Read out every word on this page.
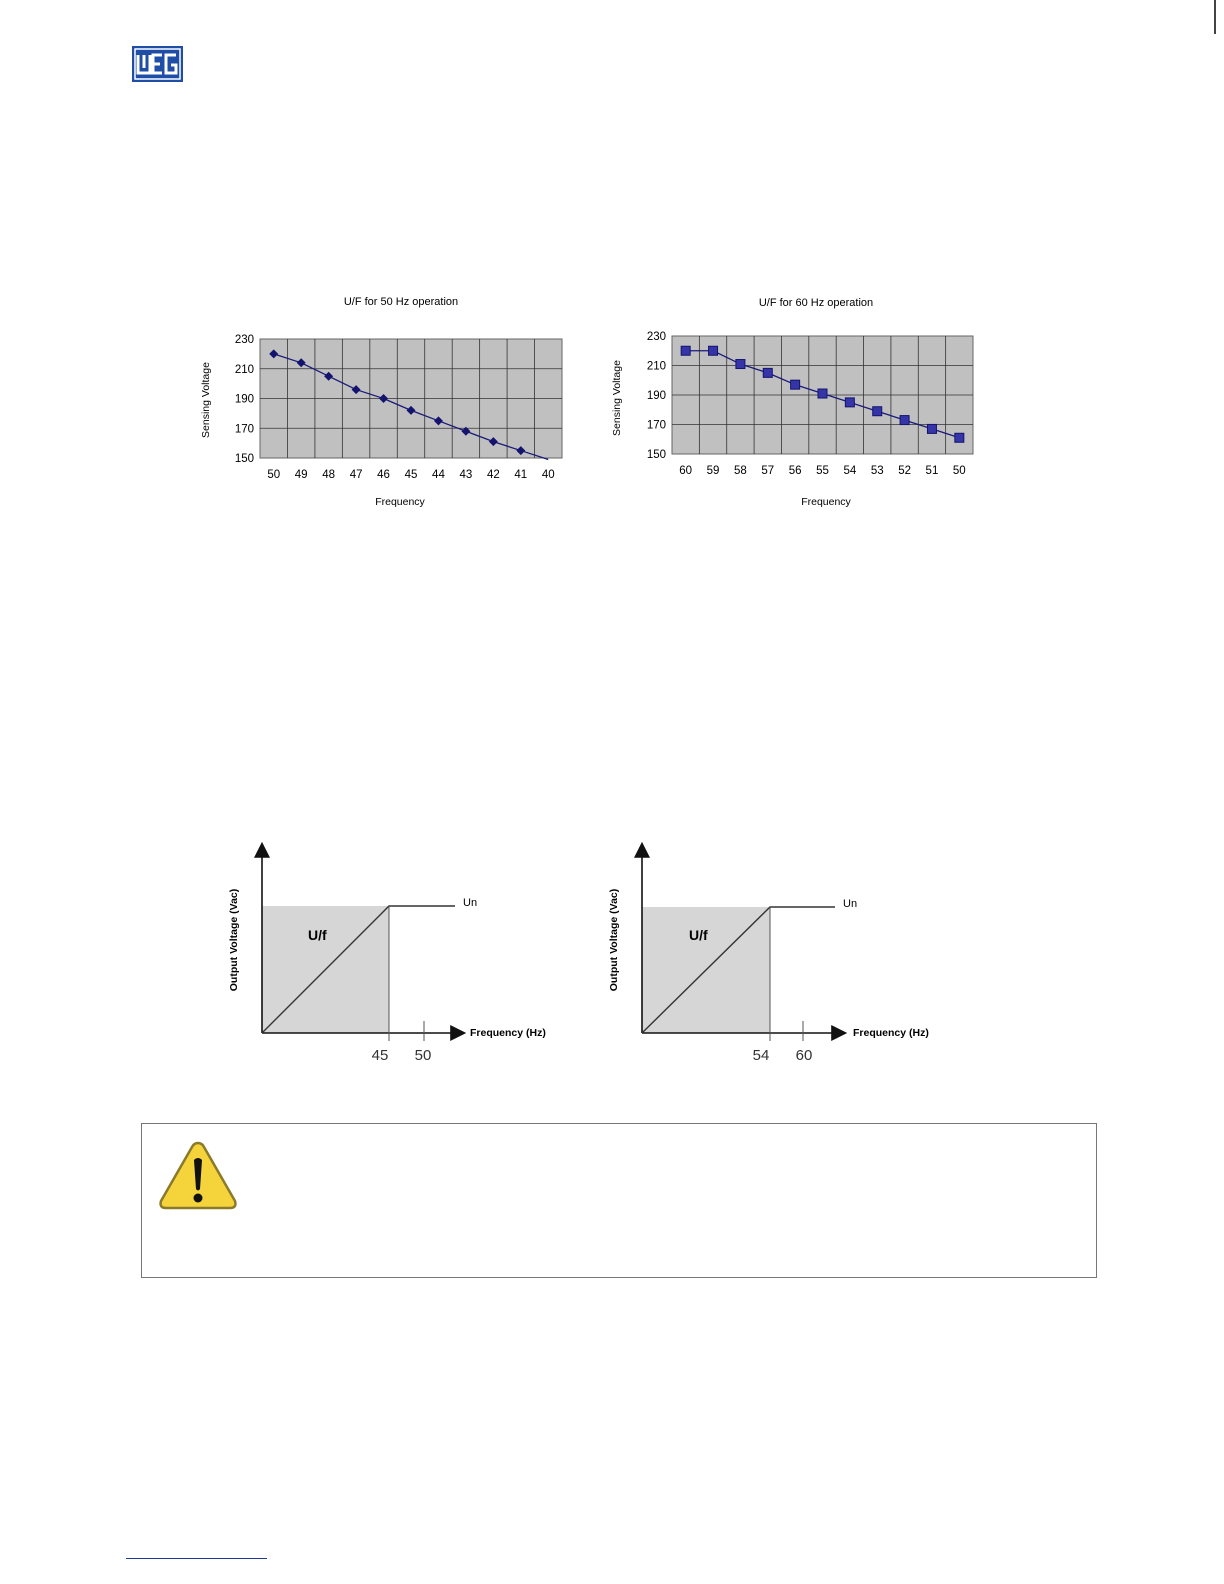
U/F for 50 Hz operation
Sensing Voltage
Frequency
230
210
190
170
150
50 49 48 47 46 45 44 43 42 41 40
U/F for 60 Hz operation
Sensing Voltage
Frequency
230
210
190
170
150
60 59 58 57 56 55 54 53 52 51 50
Output Voltage (Vac)
Frequency (Hz)
U/f
Un
45 50
Output Voltage (Vac)
Frequency (Hz)
U/f
Un
54 60
